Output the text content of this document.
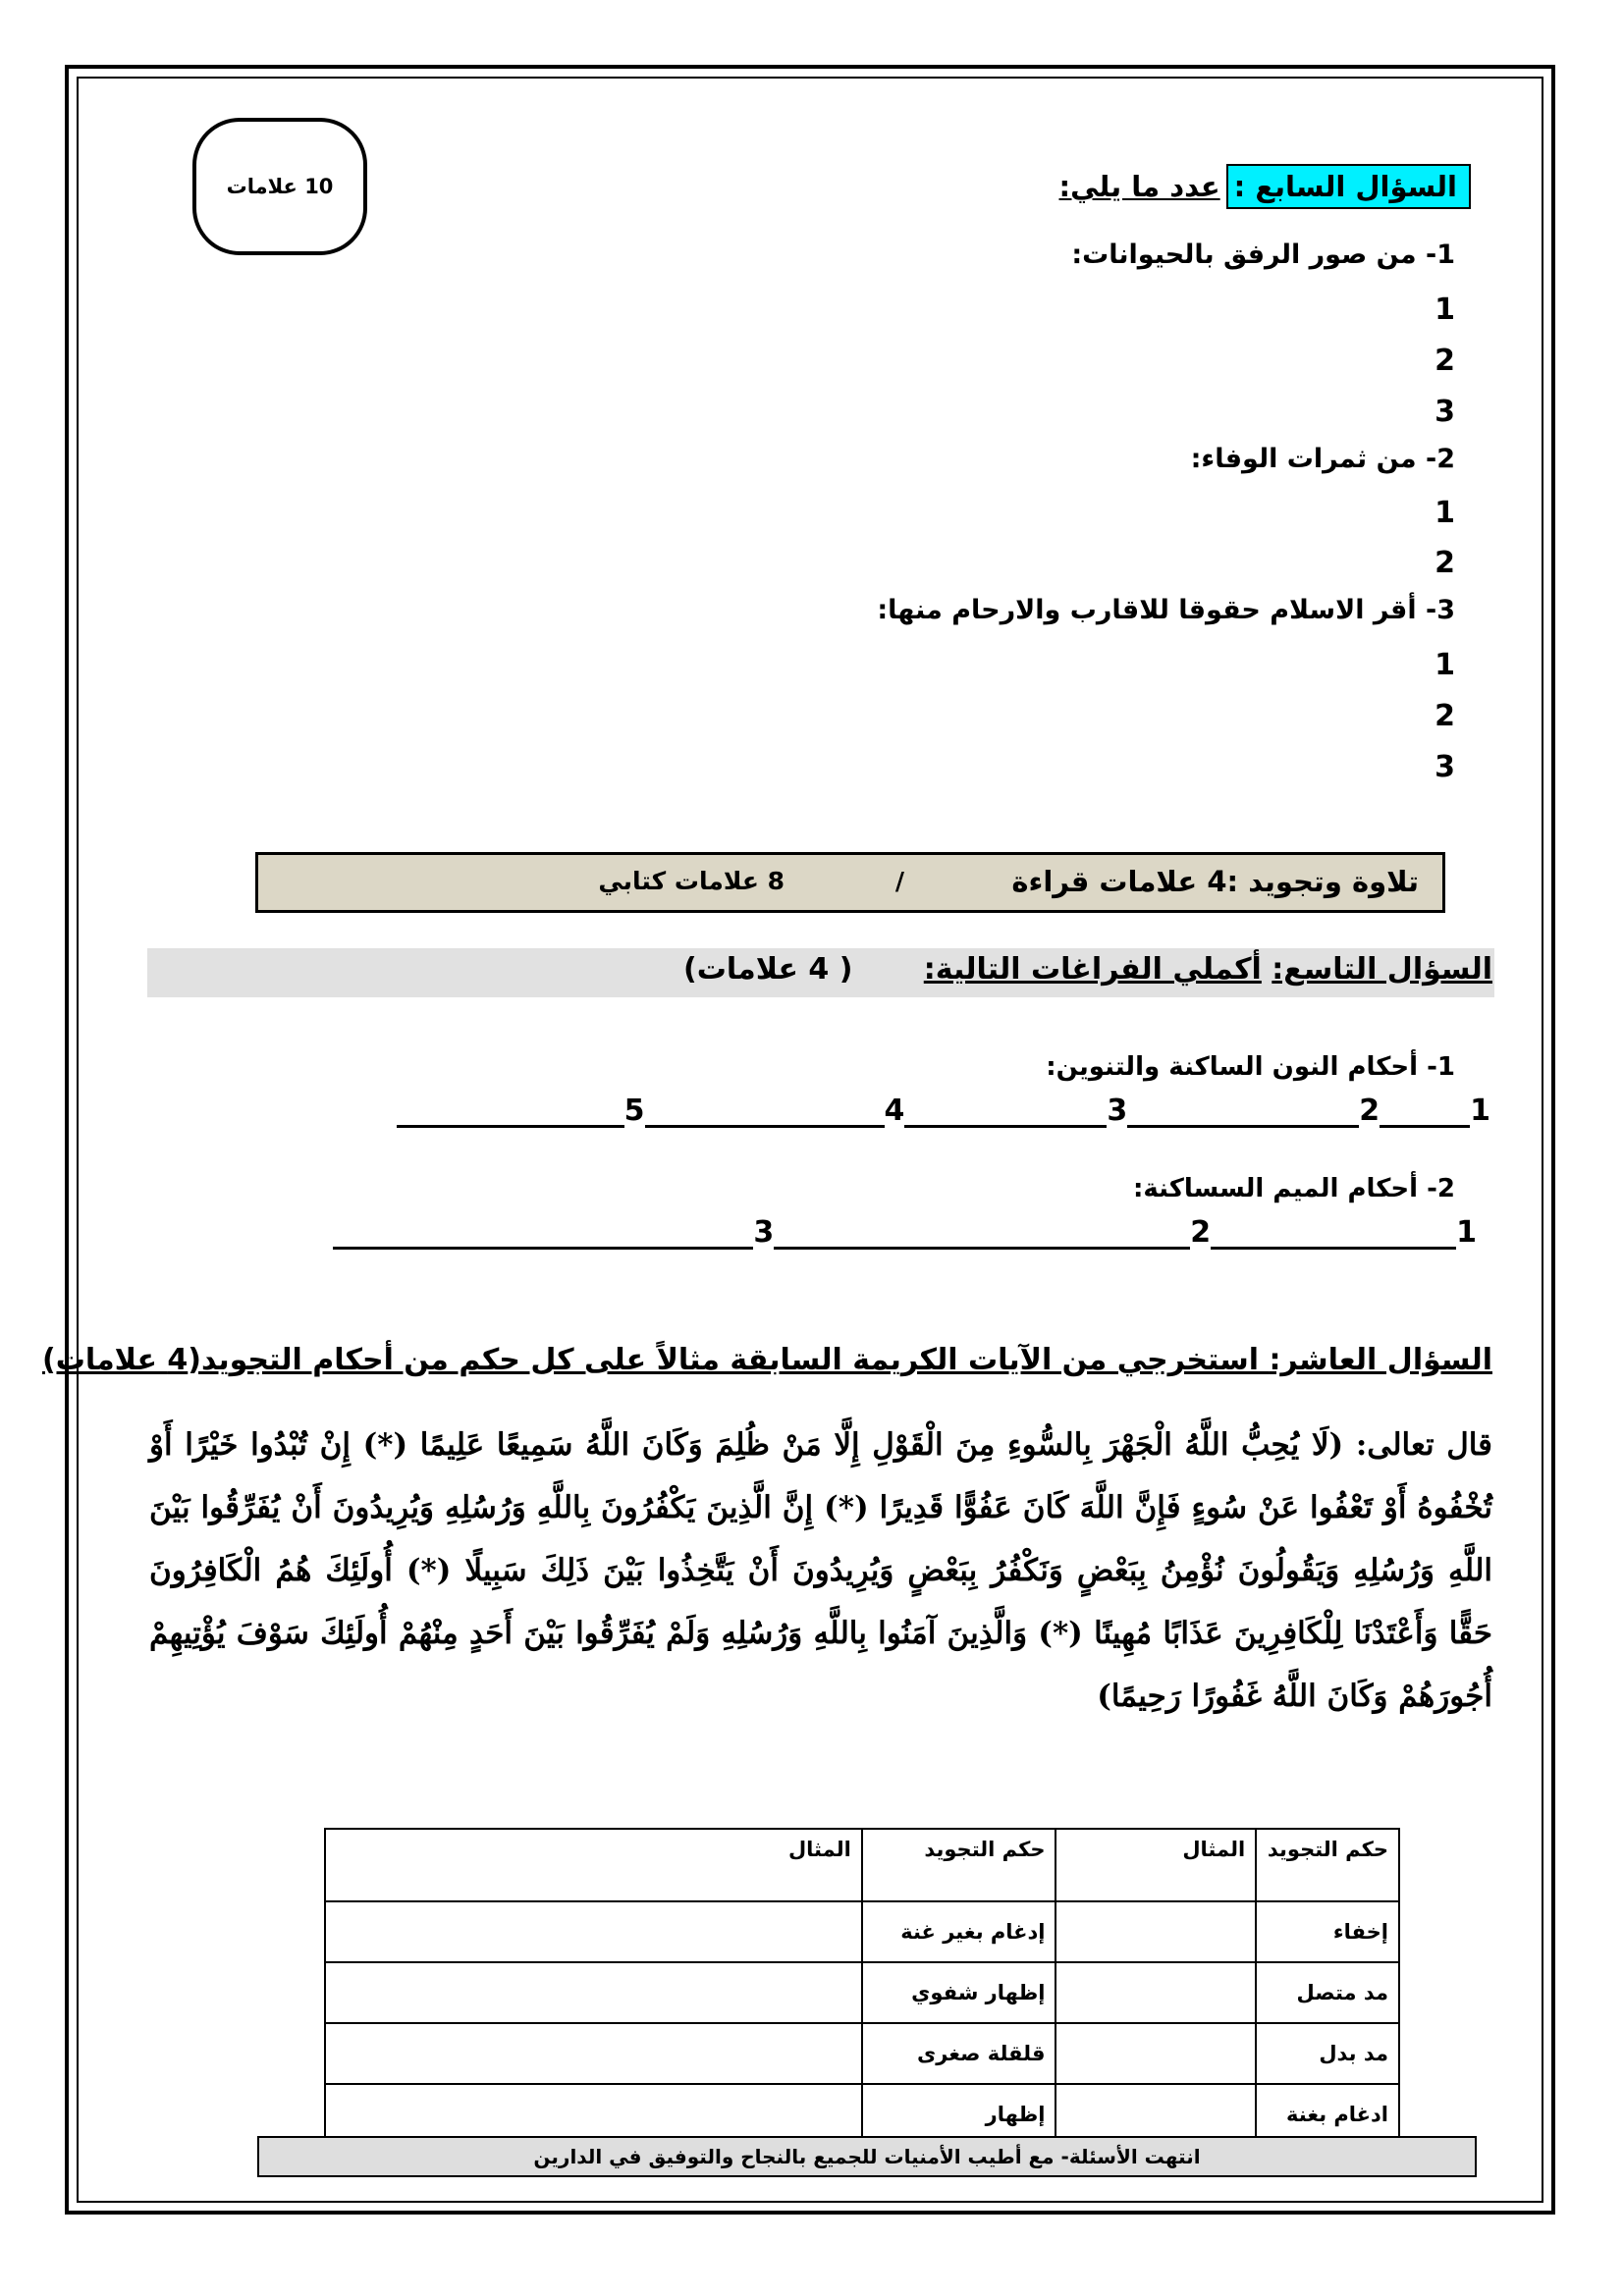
10 علامات	السؤال السابع :
عدد ما يلي:
1- من صور الرفق بالحيوانات:
1
2
3
2- من ثمرات الوفاء:
1
2
3- أقر الاسلام حقوقا للاقارب والارحام منها:
1
2
3
تلاوة وتجويد :4 علامات قراءة
/
8 علامات كتابي
السؤال التاسع: أكملي الفراغات التالية:
( 4 علامات)
1- أحكام النون الساكنة والتنوين:
12345
2- أحكام الميم السساكنة:
123
السؤال العاشر: استخرجي من الآيات الكريمة السابقة مثالاً على كل حكم من أحكام التجويد(4 علامات)
قال تعالى: (لَا يُحِبُّ اللَّهُ الْجَهْرَ بِالسُّوءِ مِنَ الْقَوْلِ إِلَّا مَنْ ظُلِمَ وَكَانَ اللَّهُ سَمِيعًا عَلِيمًا (*) إِنْ تُبْدُوا خَيْرًا أَوْ تُخْفُوهُ أَوْ تَعْفُوا عَنْ سُوءٍ فَإِنَّ اللَّهَ كَانَ عَفُوًّا قَدِيرًا (*) إِنَّ الَّذِينَ يَكْفُرُونَ بِاللَّهِ وَرُسُلِهِ وَيُرِيدُونَ أَنْ يُفَرِّقُوا بَيْنَ اللَّهِ وَرُسُلِهِ وَيَقُولُونَ نُؤْمِنُ بِبَعْضٍ وَنَكْفُرُ بِبَعْضٍ وَيُرِيدُونَ أَنْ يَتَّخِذُوا بَيْنَ ذَلِكَ سَبِيلًا (*) أُولَئِكَ هُمُ الْكَافِرُونَ حَقًّا وَأَعْتَدْنَا لِلْكَافِرِينَ عَذَابًا مُهِينًا (*) وَالَّذِينَ آمَنُوا بِاللَّهِ وَرُسُلِهِ وَلَمْ يُفَرِّقُوا بَيْنَ أَحَدٍ مِنْهُمْ أُولَئِكَ سَوْفَ يُؤْتِيهِمْ أُجُورَهُمْ وَكَانَ اللَّهُ غَفُورًا رَحِيمًا)
حكم التجويد	المثال	حكم التجويد	المثال
إخفاء		إدغام بغير غنة	
مد متصل		إظهار شفوي	
مد بدل		قلقلة صغرى	
ادغام بغنة		إظهار	
انتهت الأسئلة- مع أطيب الأمنيات للجميع بالنجاح والتوفيق في الدارين
